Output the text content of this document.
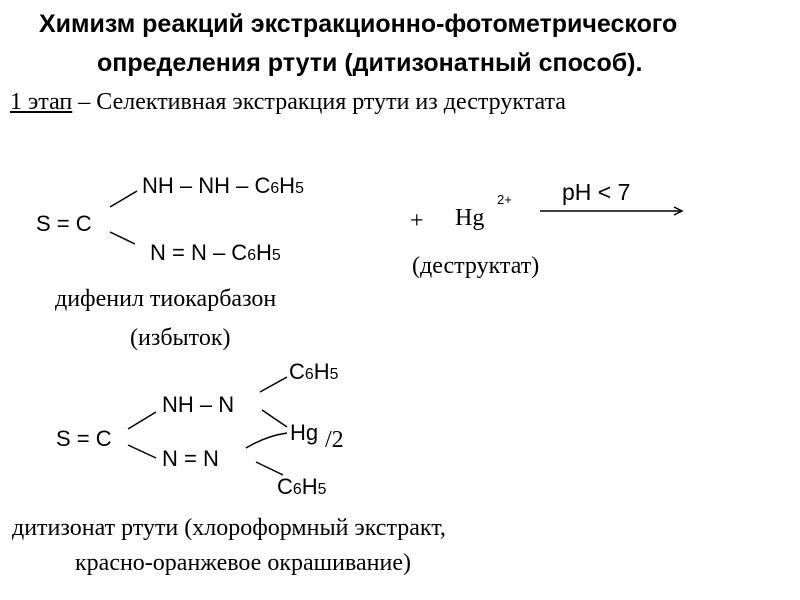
Химизм реакций экстракционно-фотометрического
определения ртути (дитизонатный способ).
1 этап – Селективная экстракция ртути из деструктата
S = C
NH – NH – C6H5
N = N – C6H5
дифенил тиокарбазон
(избыток)
+ Hg
2+ pH < 7
(деструктат)
S = C
NH – N
N = N
C6H5
Hg /2
C6H5
дитизонат ртути (хлороформный экстракт,
красно-оранжевое окрашивание)
